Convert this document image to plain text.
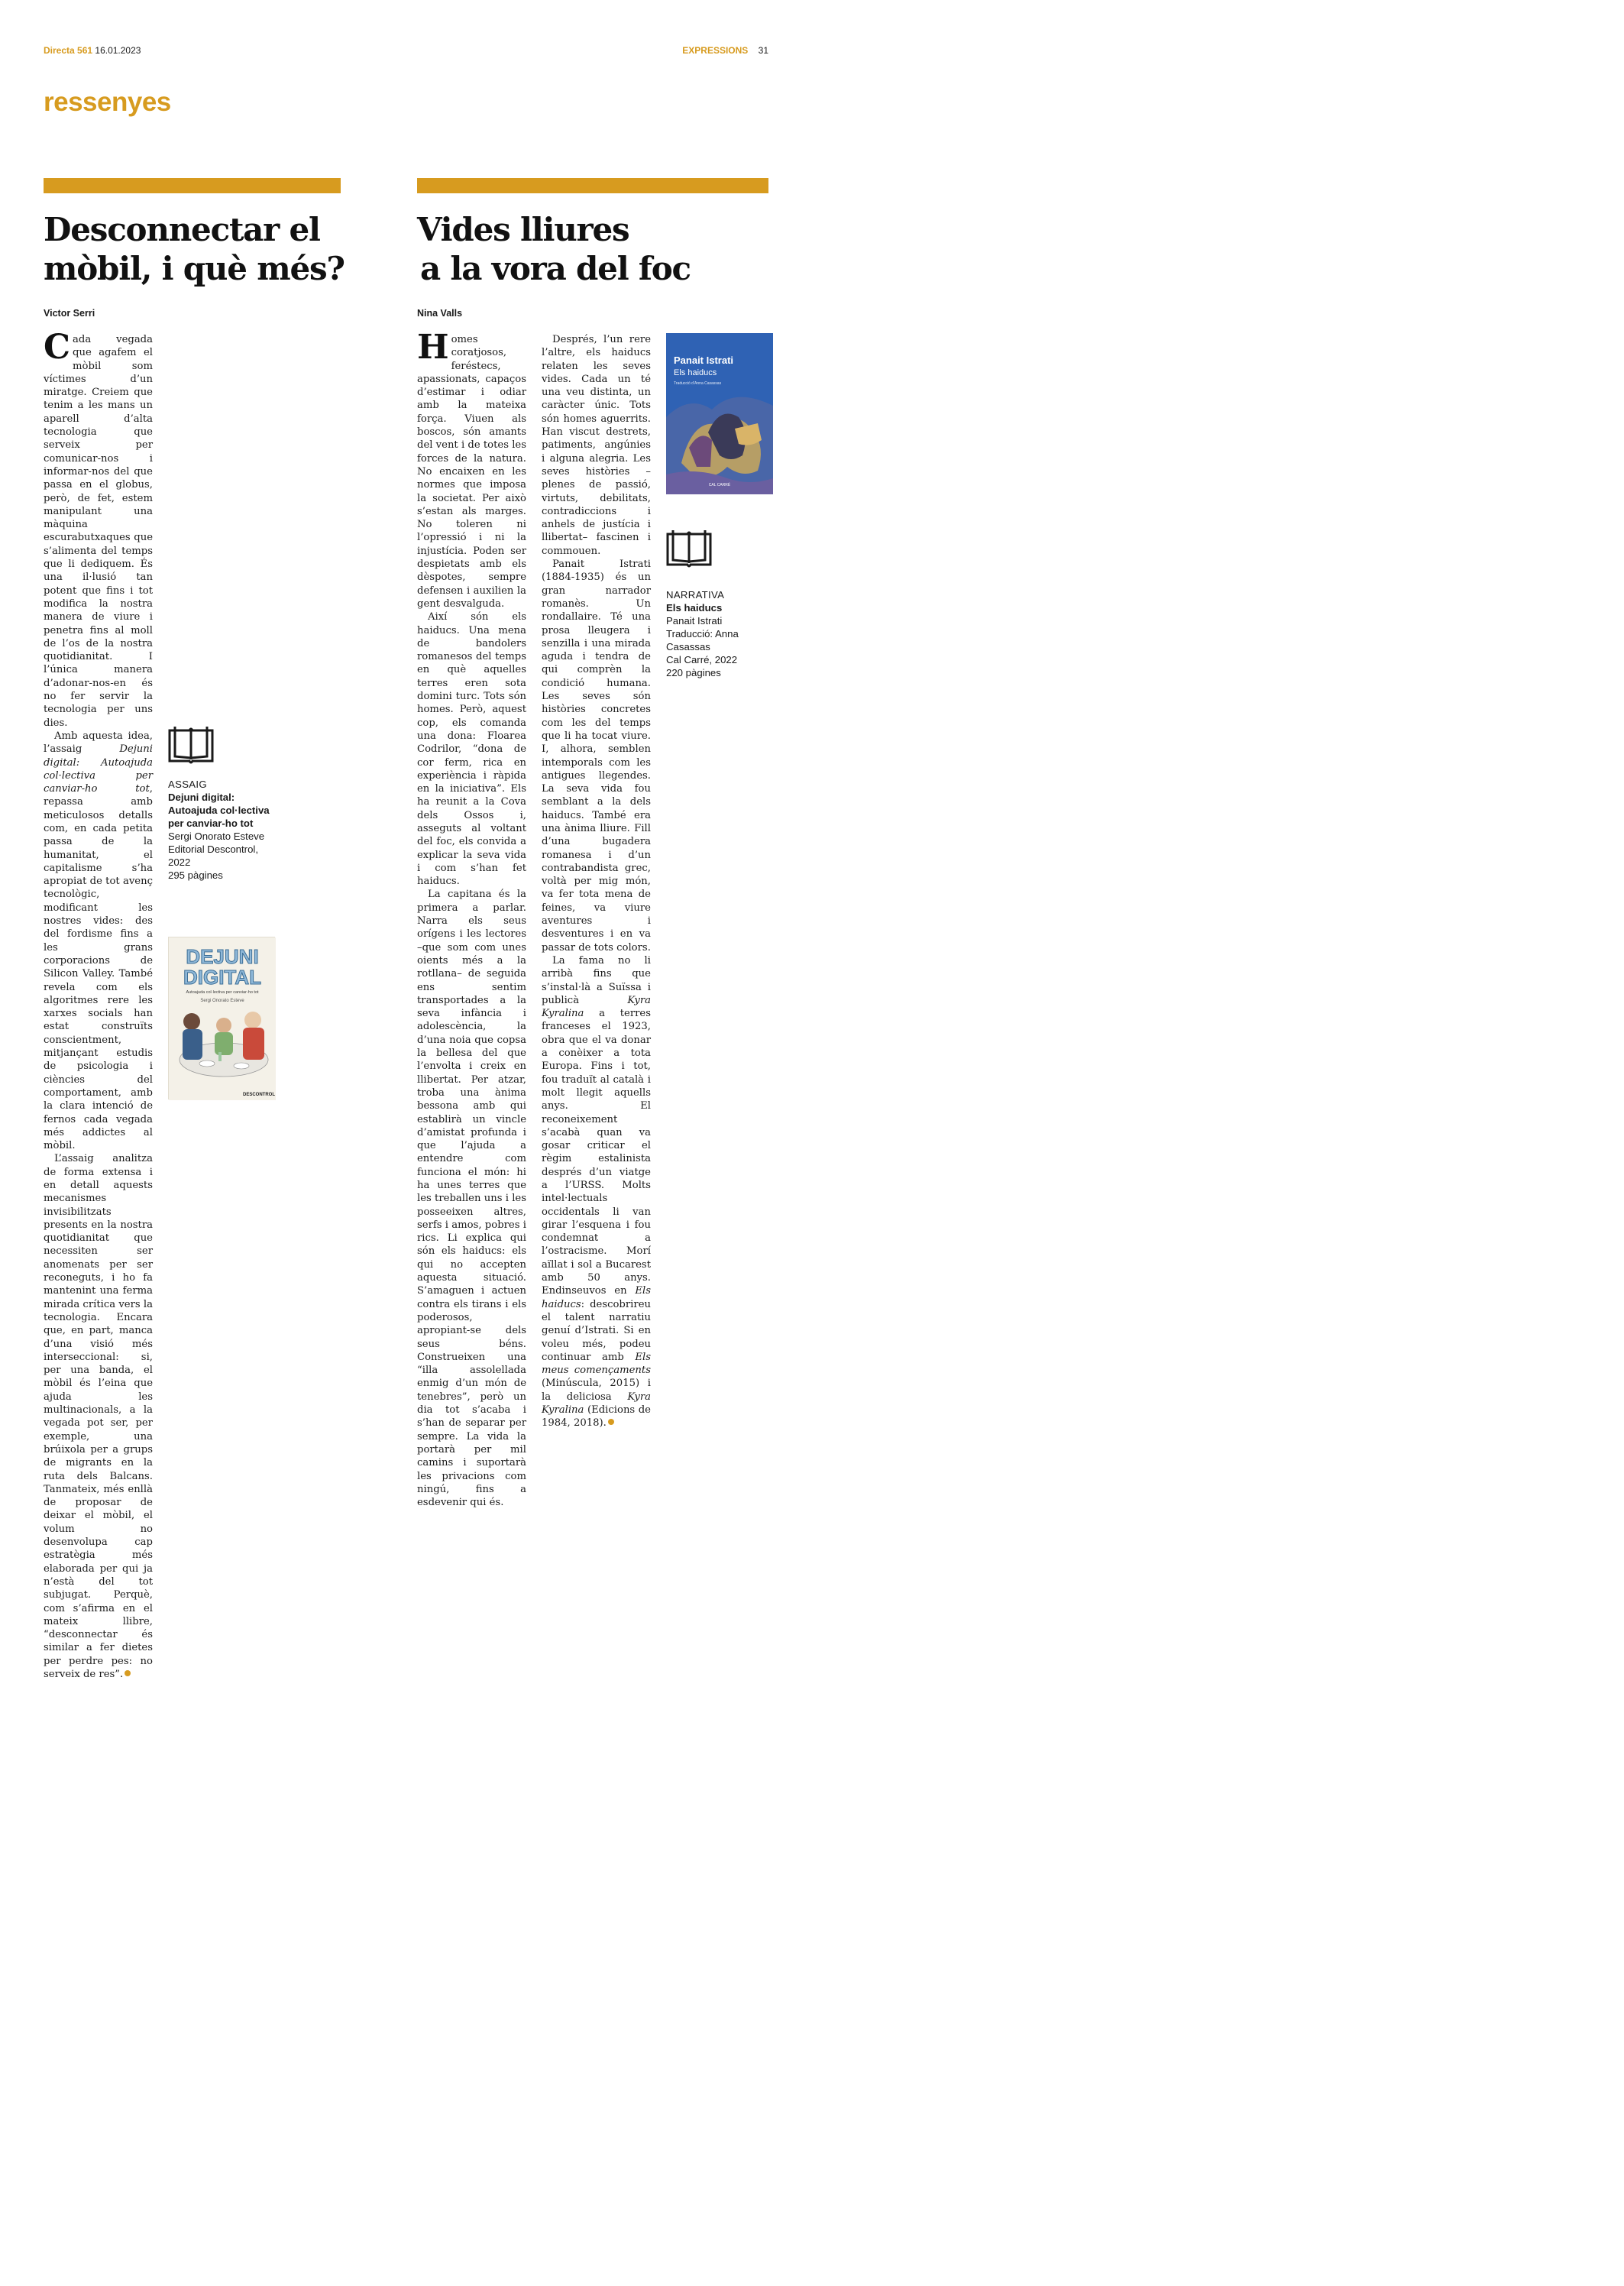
Directa 561 16.01.2023	EXPRESSIONS 31
ressenyes
Desconnectar el
mòbil, i què més?
Vides lliures
a la vora del foc
Victor Serri	Nina Valls

Cada vegada que agafem el mòbil som víctimes d’un miratge. Creiem que tenim a les mans un aparell d’alta tecnologia que serveix per comunicar-nos i informar-nos del que passa en el globus, però, de fet, estem manipulant una màquina escurabutxaques que s’alimenta del temps que li dediquem. És una il·lusió tan potent que fins i tot modifica la nostra manera de viure i penetra fins al moll de l’os de la nostra quotidianitat. I l’única manera d’adonar-nos-en és no fer servir la tecnologia per uns dies.

Amb aquesta idea, l’assaig Dejuni digital: Autoajuda col·lectiva per canviar-ho tot, repassa amb meticulosos detalls com, en cada petita passa de la humanitat, el capitalisme s’ha apropiat de tot avenç tecnològic, modificant les nostres vides: des del fordisme fins a les grans corporacions de Silicon Valley. També revela com els algoritmes rere les xarxes socials han estat construïts conscientment, mitjançant estudis de psicologia i ciències del comportament, amb la clara intenció de fernos cada vegada més addictes al mòbil.

L’assaig analitza de forma extensa i en detall aquests mecanismes invisibilitzats presents en la nostra quotidianitat que necessiten ser anomenats per ser reconeguts, i ho fa mantenint una ferma mirada crítica vers la tecnologia. Encara que, en part, manca d’una visió més interseccional: si, per una banda, el mòbil és l’eina que ajuda les multinacionals, a la vegada pot ser, per exemple, una brúixola per a grups de migrants en la ruta dels Balcans. Tanmateix, més enllà de proposar de deixar el mòbil, el volum no desenvolupa cap estratègia més elaborada per qui ja n’està del tot subjugat. Perquè, com s’afirma en el mateix llibre, “desconnectar és similar a fer dietes per perdre pes: no serveix de res”.

ASSAIG
Dejuni digital: Autoajuda col·lectiva per canviar-ho tot
Sergi Onorato Esteve
Editorial Descontrol, 2022
295 pàgines
DEJUNI
DIGITAL
Autoajuda col·lectiva per canviar-ho tot
Sergi Onorato Esteve
DESCONTROL

Homes coratjosos, feréstecs, apassionats, capaços d’estimar i odiar amb la mateixa força. Viuen als boscos, són amants del vent i de totes les forces de la natura. No encaixen en les normes que imposa la societat. Per això s’estan als marges. No toleren ni l’opressió i ni la injustícia. Poden ser despietats amb els dèspotes, sempre defensen i auxilien la gent desvalguda.

Així són els haiducs. Una mena de bandolers romanesos del temps en què aquelles terres eren sota domini turc. Tots són homes. Però, aquest cop, els comanda una dona: Floarea Codrilor, “dona de cor ferm, rica en experiència i ràpida en la iniciativa”. Els ha reunit a la Cova dels Ossos i, asseguts al voltant del foc, els convida a explicar la seva vida i com s’han fet haiducs.

La capitana és la primera a parlar. Narra els seus orígens i les lectores –que som com unes oients més a la rotllana– de seguida ens sentim transportades a la seva infància i adolescència, la d’una noia que copsa la bellesa del que l’envolta i creix en llibertat. Per atzar, troba una ànima bessona amb qui establirà un vincle d’amistat profunda i que l’ajuda a entendre com funciona el món: hi ha unes terres que les treballen uns i les posseeixen altres, serfs i amos, pobres i rics. Li explica qui són els haiducs: els qui no accepten aquesta situació. S’amaguen i actuen contra els tirans i els poderosos, apropiant-se dels seus béns. Construeixen una “illa assolellada enmig d’un món de tenebres”, però un dia tot s’acaba i s’han de separar per sempre. La vida la portarà per mil camins i suportarà les privacions com ningú, fins a esdevenir qui és.

Després, l’un rere l’altre, els haiducs relaten les seves vides. Cada un té una veu distinta, un caràcter únic. Tots són homes aguerrits. Han viscut destrets, patiments, angúnies i alguna alegria. Les seves històries –plenes de passió, virtuts, debilitats, contradiccions i anhels de justícia i llibertat– fascinen i commouen.

Panait Istrati (1884-1935) és un gran narrador romanès. Un rondallaire. Té una prosa lleugera i senzilla i una mirada aguda i tendra de qui comprèn la condició humana. Les seves són històries concretes com les del temps que li ha tocat viure. I, alhora, semblen intemporals com les antigues llegendes. La seva vida fou semblant a la dels haiducs. També era una ànima lliure. Fill d’una bugadera romanesa i d’un contrabandista grec, voltà per mig món, va fer tota mena de feines, va viure aventures i desventures i en va passar de tots colors.

La fama no li arribà fins que s’instal·là a Suïssa i publicà Kyra Kyralina a terres franceses el 1923, obra que el va donar a conèixer a tota Europa. Fins i tot, fou traduït al català i molt llegit aquells anys. El reconeixement s’acabà quan va gosar criticar el règim estalinista després d’un viatge a l’URSS. Molts intel·lectuals occidentals li van girar l’esquena i fou condemnat a l’ostracisme. Morí aïllat i sol a Bucarest amb 50 anys. Endinseuvos en Els haiducs: descobrireu el talent narratiu genuí d’Istrati. Si en voleu més, podeu continuar amb Els meus començaments (Minúscula, 2015) i la deliciosa Kyra Kyralina (Edicions de 1984, 2018).

Panait Istrati
Els haiducs
Traducció d’Anna Casassas
CAL CARRÉ
NARRATIVA
Els haiducs
Panait Istrati
Traducció: Anna Casassas
Cal Carré, 2022
220 pàgines
